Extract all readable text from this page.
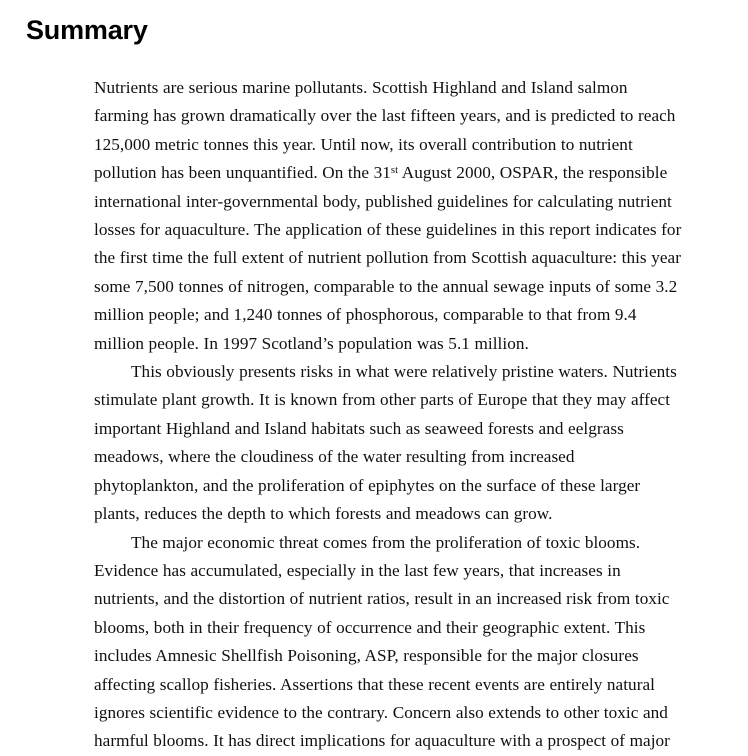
Summary

Nutrients are serious marine pollutants. Scottish Highland and Island salmon
farming has grown dramatically over the last fifteen years, and is predicted to reach
125,000 metric tonnes this year. Until now, its overall contribution to nutrient
pollution has been unquantified. On the 31st August 2000, OSPAR, the responsible
international inter-governmental body, published guidelines for calculating nutrient
losses for aquaculture. The application of these guidelines in this report indicates for
the first time the full extent of nutrient pollution from Scottish aquaculture: this year
some 7,500 tonnes of nitrogen, comparable to the annual sewage inputs of some 3.2
million people; and 1,240 tonnes of phosphorous, comparable to that from 9.4
million people. In 1997 Scotland’s population was 5.1 million.

This obviously presents risks in what were relatively pristine waters. Nutrients
stimulate plant growth. It is known from other parts of Europe that they may affect
important Highland and Island habitats such as seaweed forests and eelgrass
meadows, where the cloudiness of the water resulting from increased
phytoplankton, and the proliferation of epiphytes on the surface of these larger
plants, reduces the depth to which forests and meadows can grow.

The major economic threat comes from the proliferation of toxic blooms.
Evidence has accumulated, especially in the last few years, that increases in
nutrients, and the distortion of nutrient ratios, result in an increased risk from toxic
blooms, both in their frequency of occurrence and their geographic extent. This
includes Amnesic Shellfish Poisoning, ASP, responsible for the major closures
affecting scallop fisheries. Assertions that these recent events are entirely natural
ignores scientific evidence to the contrary. Concern also extends to other toxic and
harmful blooms. It has direct implications for aquaculture with a prospect of major
